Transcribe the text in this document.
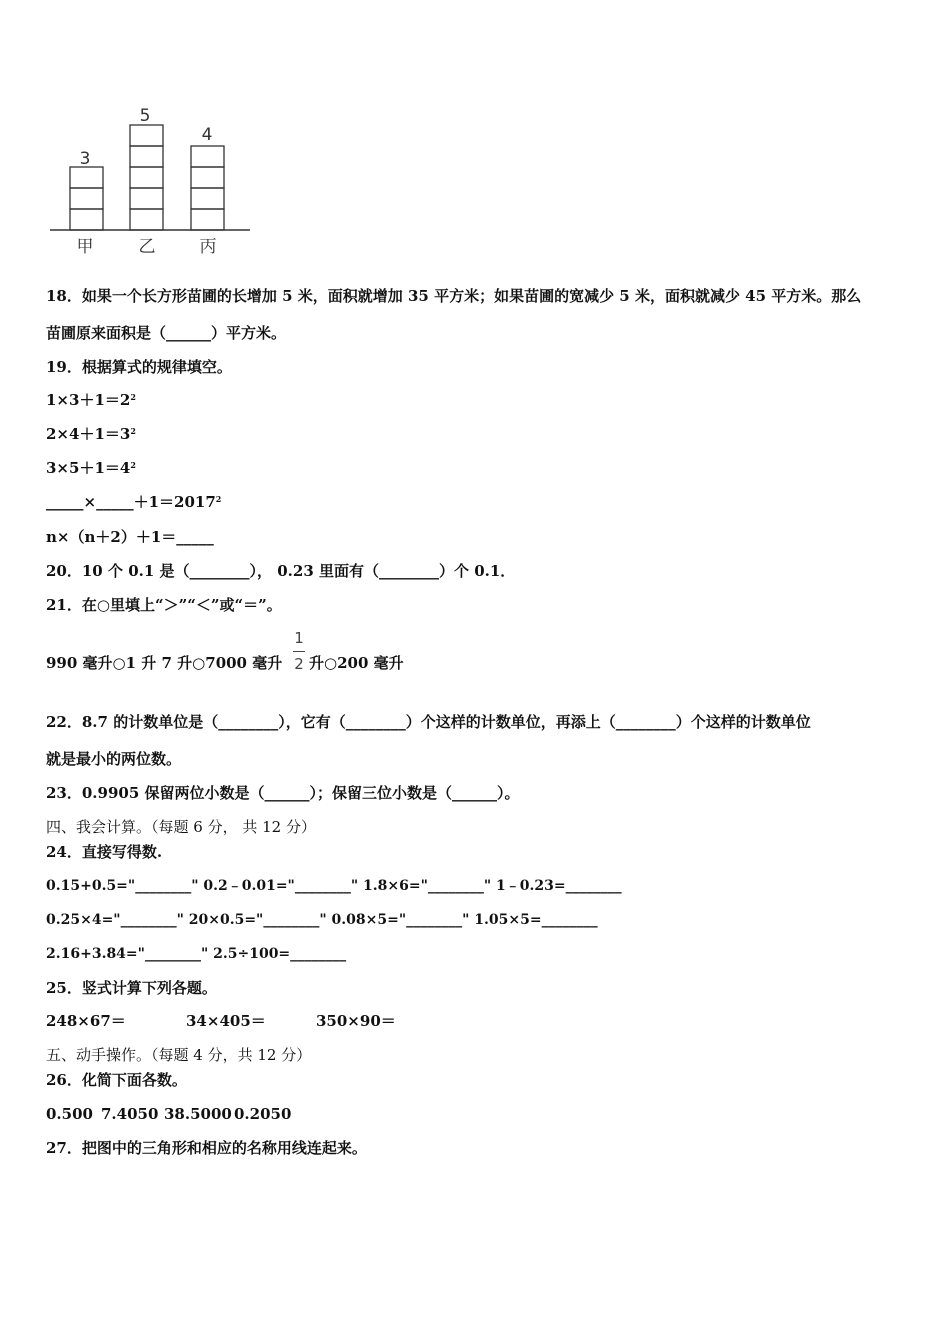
3
5
4
甲	乙	丙
18．如果一个长方形苗圃的长增加 5 米，面积就增加 35 平方米；如果苗圃的宽减少 5 米，面积就减少 45 平方米。那么
苗圃原来面积是（______）平方米。
19．根据算式的规律填空。
$1\times 3+1=2^2$
$2\times 4+1=3^2$
$3\times 5+1=4^2$
$\_\_\_\_\_\times\_\_\_\_\_+1=2017^2$
n×（n＋2）＋1＝_____
20．10 个 0.1 是（________）， 0.23 里面有（________）个 0.1．
21．在○里填上“＞”“＜”或“＝”。
990 毫升○1 升 7 升○7000 毫升
1
2 升○200 毫升
22．8.7 的计数单位是（________），它有（________）个这样的计数单位，再添上（________）个这样的计数单位
就是最小的两位数。
23．0.9905 保留两位小数是（______）；保留三位小数是（______）。
四、我会计算。（每题 6 分， 共 12 分）
24．直接写得数.
0.15+0.5="________" 0.2﹣0.01="________" 1.8×6="________" 1﹣0.23=________
0.25×4="________" 20×0.5="________" 0.08×5="________" 1.05×5=________
2.16+3.84="________" 2.5÷100=________
25．竖式计算下列各题。
248×67＝	34×405＝	350×90＝
五、动手操作。（每题 4 分，共 12 分）
26．化简下面各数。
0.500 7.4050 38.5000 0.2050
27．把图中的三角形和相应的名称用线连起来。
